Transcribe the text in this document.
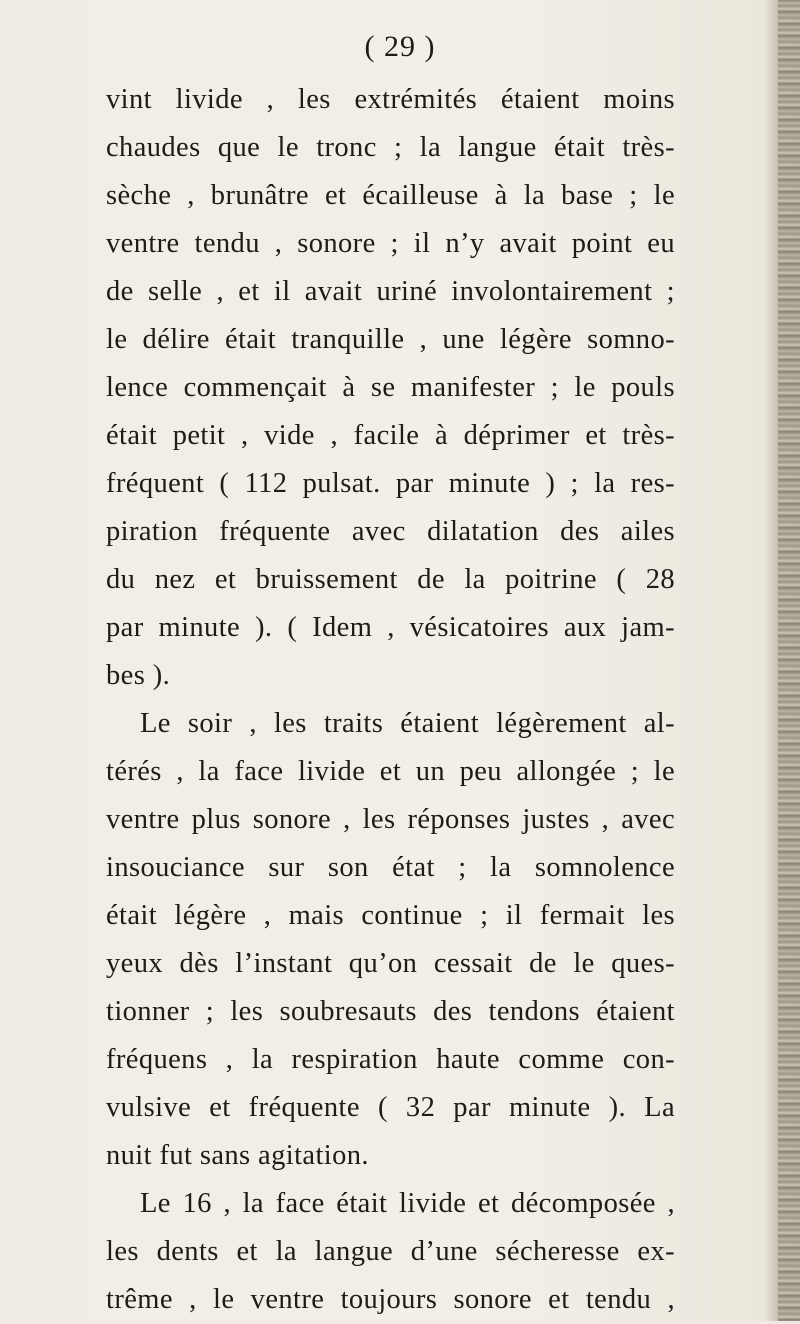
( 29 )
vint livide , les extrémités étaient moins
chaudes que le tronc ; la langue était très-
sèche , brunâtre et écailleuse à la base ; le
ventre tendu , sonore ; il n’y avait point eu
de selle , et il avait uriné involontairement ;
le délire était tranquille , une légère somno-
lence commençait à se manifester ; le pouls
était petit , vide , facile à déprimer et très-
fréquent ( 112 pulsat. par minute ) ; la res-
piration fréquente avec dilatation des ailes
du nez et bruissement de la poitrine ( 28
par minute ). ( Idem , vésicatoires aux jam-
bes ).
Le soir , les traits étaient légèrement al-
térés , la face livide et un peu allongée ; le
ventre plus sonore , les réponses justes , avec
insouciance sur son état ; la somnolence
était légère , mais continue ; il fermait les
yeux dès l’instant qu’on cessait de le ques-
tionner ; les soubresauts des tendons étaient
fréquens , la respiration haute comme con-
vulsive et fréquente ( 32 par minute ). La
nuit fut sans agitation.
Le 16 , la face était livide et décomposée ,
les dents et la langue d’une sécheresse ex-
trême , le ventre toujours sonore et tendu ,
